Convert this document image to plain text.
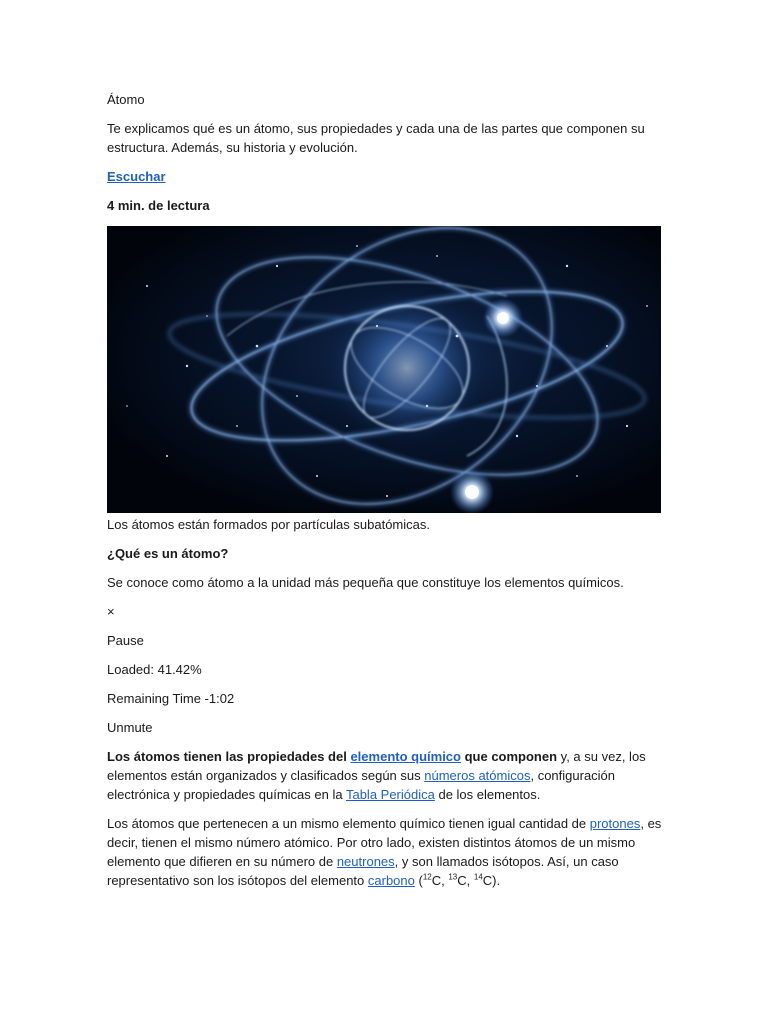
Átomo

Te explicamos qué es un átomo, sus propiedades y cada una de las partes que componen su estructura. Además, su historia y evolución.

Escuchar

4 min. de lectura

Los átomos están formados por partículas subatómicas.

¿Qué es un átomo?

Se conoce como átomo a la unidad más pequeña que constituye los elementos químicos.

×

Pause

Loaded: 41.42%

Remaining Time -1:02

Unmute

Los átomos tienen las propiedades del elemento químico que componen y, a su vez, los elementos están organizados y clasificados según sus números atómicos, configuración electrónica y propiedades químicas en la Tabla Periódica de los elementos.

Los átomos que pertenecen a un mismo elemento químico tienen igual cantidad de protones, es decir, tienen el mismo número atómico. Por otro lado, existen distintos átomos de un mismo elemento que difieren en su número de neutrones, y son llamados isótopos. Así, un caso representativo son los isótopos del elemento carbono ($^{12}$C, $^{13}$C, $^{14}$C).
